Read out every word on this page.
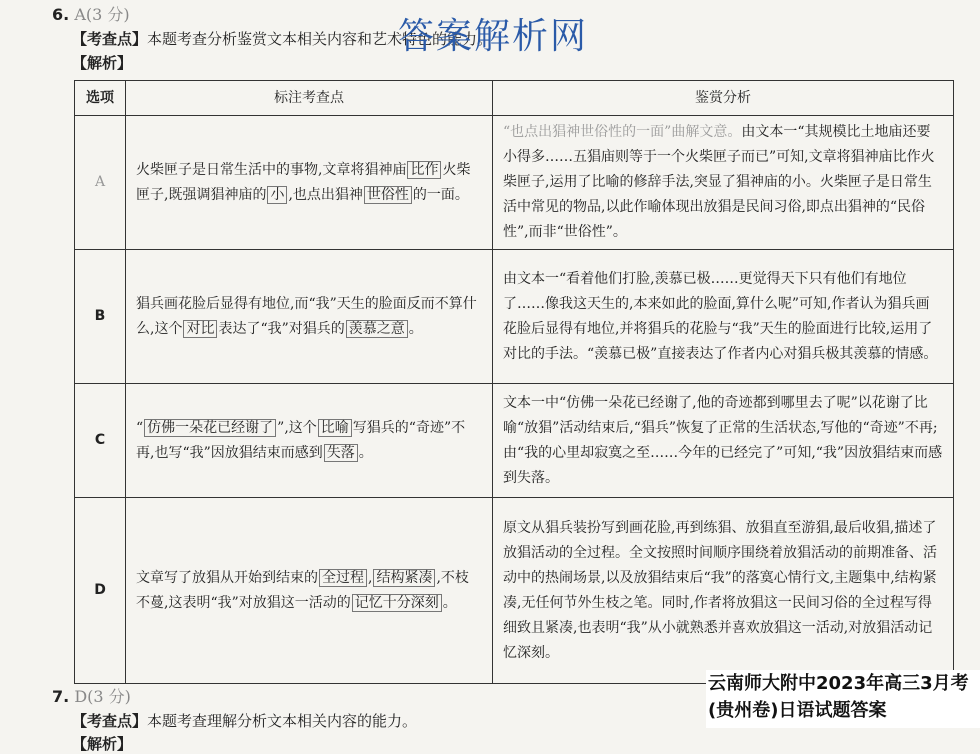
6. A(3 分)
【考查点】本题考查分析鉴赏文本相关内容和艺术特色的能力。
【解析】
答案解析网
选项	标注考查点	鉴赏分析
A	火柴匣子是日常生活中的事物,文章将猖神庙 比作 火柴匣子,既强调猖神庙的 小 ,也点出猖神 世俗性 的一面。	“也点出猖神世俗性的一面”曲解文意。由文本一“其规模比土地庙还要小得多……五猖庙则等于一个火柴匣子而已”可知,文章将猖神庙比作火柴匣子,运用了比喻的修辞手法,突显了猖神庙的小。火柴匣子是日常生活中常见的物品,以此作喻体现出放猖是民间习俗,即点出猖神的“民俗性”,而非“世俗性”。
B	猖兵画花脸后显得有地位,而“我”天生的脸面反而不算什么,这个 对比 表达了“我”对猖兵的 羡慕之意 。	由文本一“看着他们打脸,羡慕已极……更觉得天下只有他们有地位了……像我这天生的,本来如此的脸面,算什么呢”可知,作者认为猖兵画花脸后显得有地位,并将猖兵的花脸与“我”天生的脸面进行比较,运用了对比的手法。“羡慕已极”直接表达了作者内心对猖兵极其羡慕的情感。
C	“ 仿佛一朵花已经谢了 ”,这个 比喻 写猖兵的“奇迹”不再,也写“我”因放猖结束而感到 失落 。	文本一中“仿佛一朵花已经谢了,他的奇迹都到哪里去了呢”以花谢了比喻“放猖”活动结束后,“猖兵”恢复了正常的生活状态,写他的“奇迹”不再;由“我的心里却寂寞之至……今年的已经完了”可知,“我”因放猖结束而感到失落。
D	文章写了放猖从开始到结束的 全过程 , 结构紧凑 ,不枝不蔓,这表明“我”对放猖这一活动的 记忆十分深刻 。	原文从猖兵装扮写到画花脸,再到练猖、放猖直至游猖,最后收猖,描述了放猖活动的全过程。全文按照时间顺序围绕着放猖活动的前期准备、活动中的热闹场景,以及放猖结束后“我”的落寞心情行文,主题集中,结构紧凑,无任何节外生枝之笔。同时,作者将放猖这一民间习俗的全过程写得细致且紧凑,也表明“我”从小就熟悉并喜欢放猖这一活动,对放猖活动记忆深刻。
7. D(3 分)
【考查点】本题考查理解分析文本相关内容的能力。
【解析】
云南师大附中2023年高三3月考(贵州卷)日语试题答案
